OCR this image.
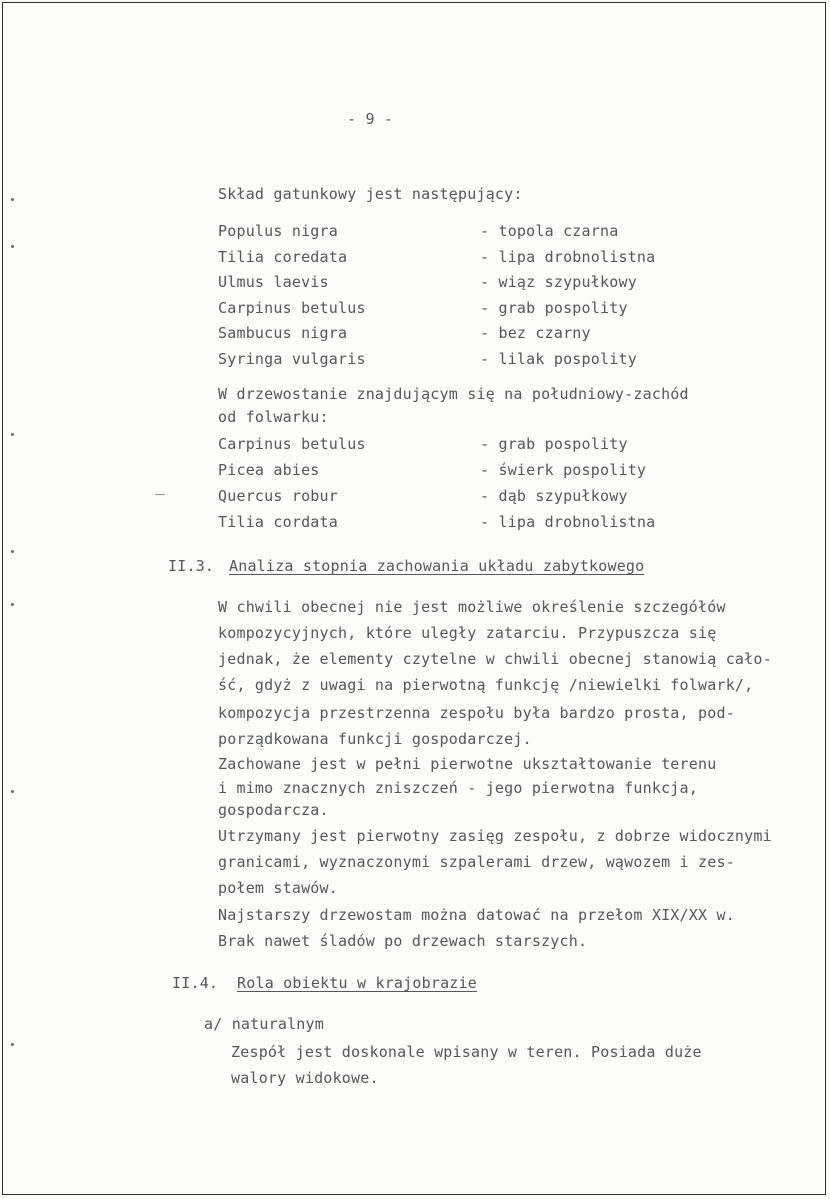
- 9 -
Skład gatunkowy jest następujący:
Populus nigra	- topola czarna
Tilia coredata	- lipa drobnolistna
Ulmus laevis	- wiąz szypułkowy
Carpinus betulus	- grab pospolity
Sambucus nigra	- bez czarny
Syringa vulgaris	- lilak pospolity
W drzewostanie znajdującym się na południowy-zachód
od folwarku:
Carpinus betulus	- grab pospolity
Picea abies	- świerk pospolity
Quercus robur	- dąb szypułkowy
Tilia cordata	- lipa drobnolistna
II.3. Analiza stopnia zachowania układu zabytkowego
W chwili obecnej nie jest możliwe określenie szczegółów
kompozycyjnych, które uległy zatarciu. Przypuszcza się
jednak, że elementy czytelne w chwili obecnej stanowią cało-
ść, gdyż z uwagi na pierwotną funkcję /niewielki folwark/,
kompozycja przestrzenna zespołu była bardzo prosta, pod-
porządkowana funkcji gospodarczej.
Zachowane jest w pełni pierwotne ukształtowanie terenu
i mimo znacznych zniszczeń - jego pierwotna funkcja,
gospodarcza.
Utrzymany jest pierwotny zasięg zespołu, z dobrze widocznymi
granicami, wyznaczonymi szpalerami drzew, wąwozem i zes-
połem stawów.
Najstarszy drzewostam można datować na przełom XIX/XX w.
Brak nawet śladów po drzewach starszych.
II.4. Rola obiektu w krajobrazie
a/ naturalnym
Zespół jest doskonale wpisany w teren. Posiada duże
walory widokowe.
